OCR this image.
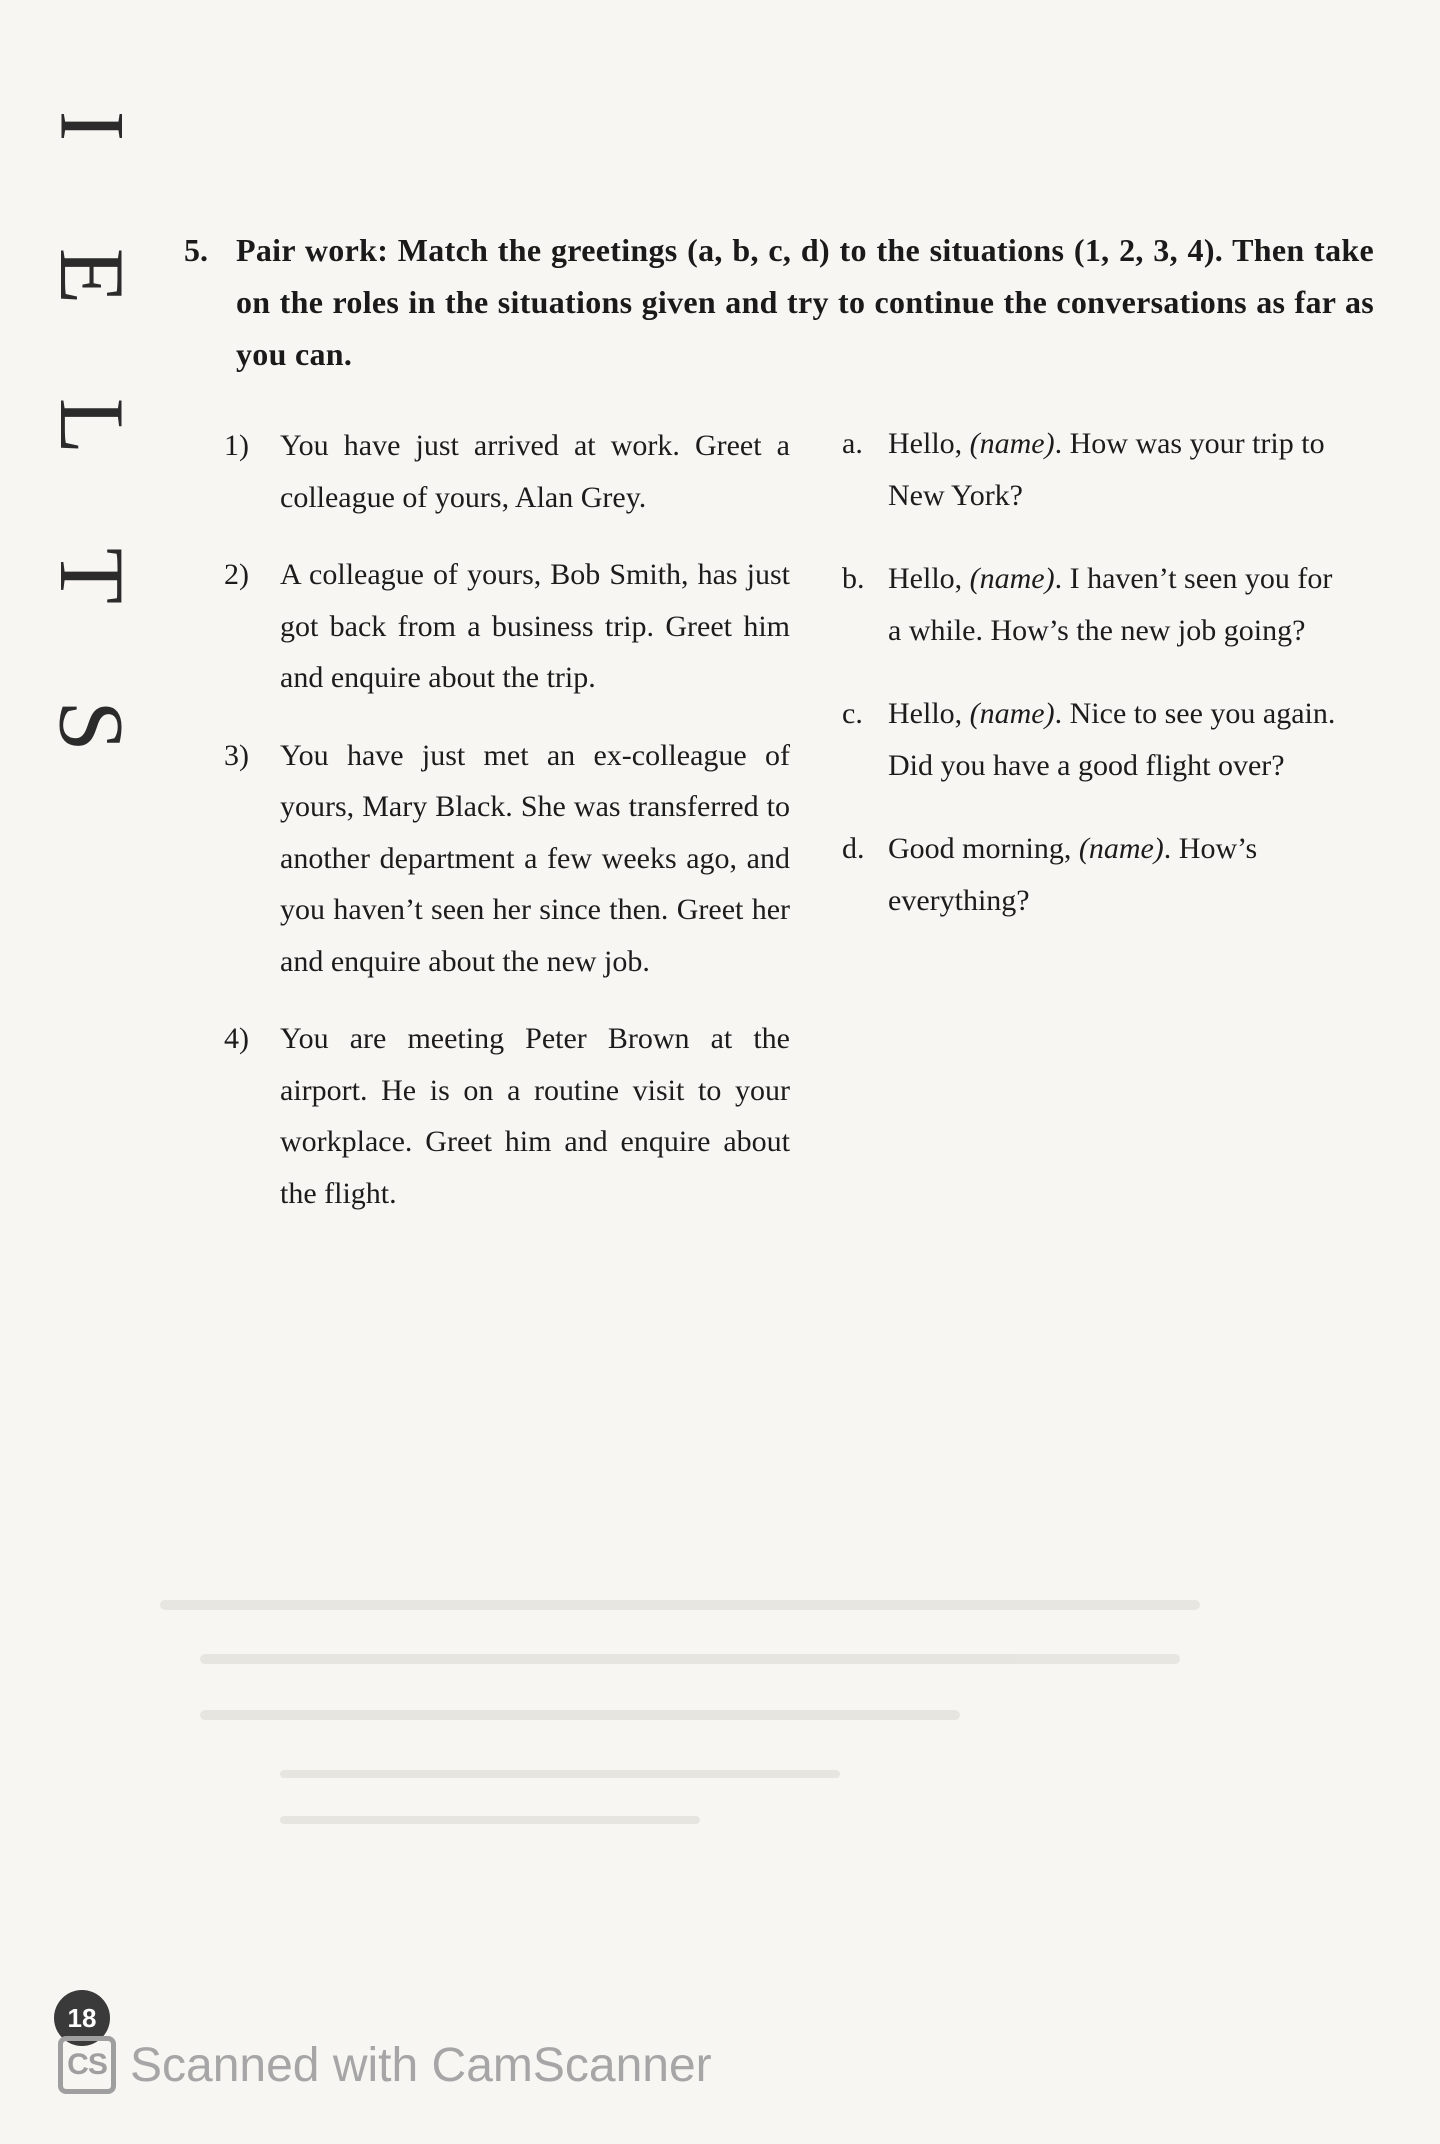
I
E
L
T
S
5. Pair work: Match the greetings (a, b, c, d) to the situations (1, 2, 3, 4). Then take on the roles in the situations given and try to continue the conversations as far as you can.
1)	You have just arrived at work. Greet a colleague of yours, Alan Grey.
2)	A colleague of yours, Bob Smith, has just got back from a business trip. Greet him and enquire about the trip.
3)	You have just met an ex-colleague of yours, Mary Black. She was transferred to another department a few weeks ago, and you haven’t seen her since then. Greet her and enquire about the new job.
4)	You are meeting Peter Brown at the airport. He is on a routine visit to your workplace. Greet him and enquire about the flight.
a. Hello, (name). How was your trip to New York?
b. Hello, (name). I haven’t seen you for a while. How’s the new job going?
c. Hello, (name). Nice to see you again. Did you have a good flight over?
d. Good morning, (name). How’s everything?
18
CS Scanned with CamScanner
